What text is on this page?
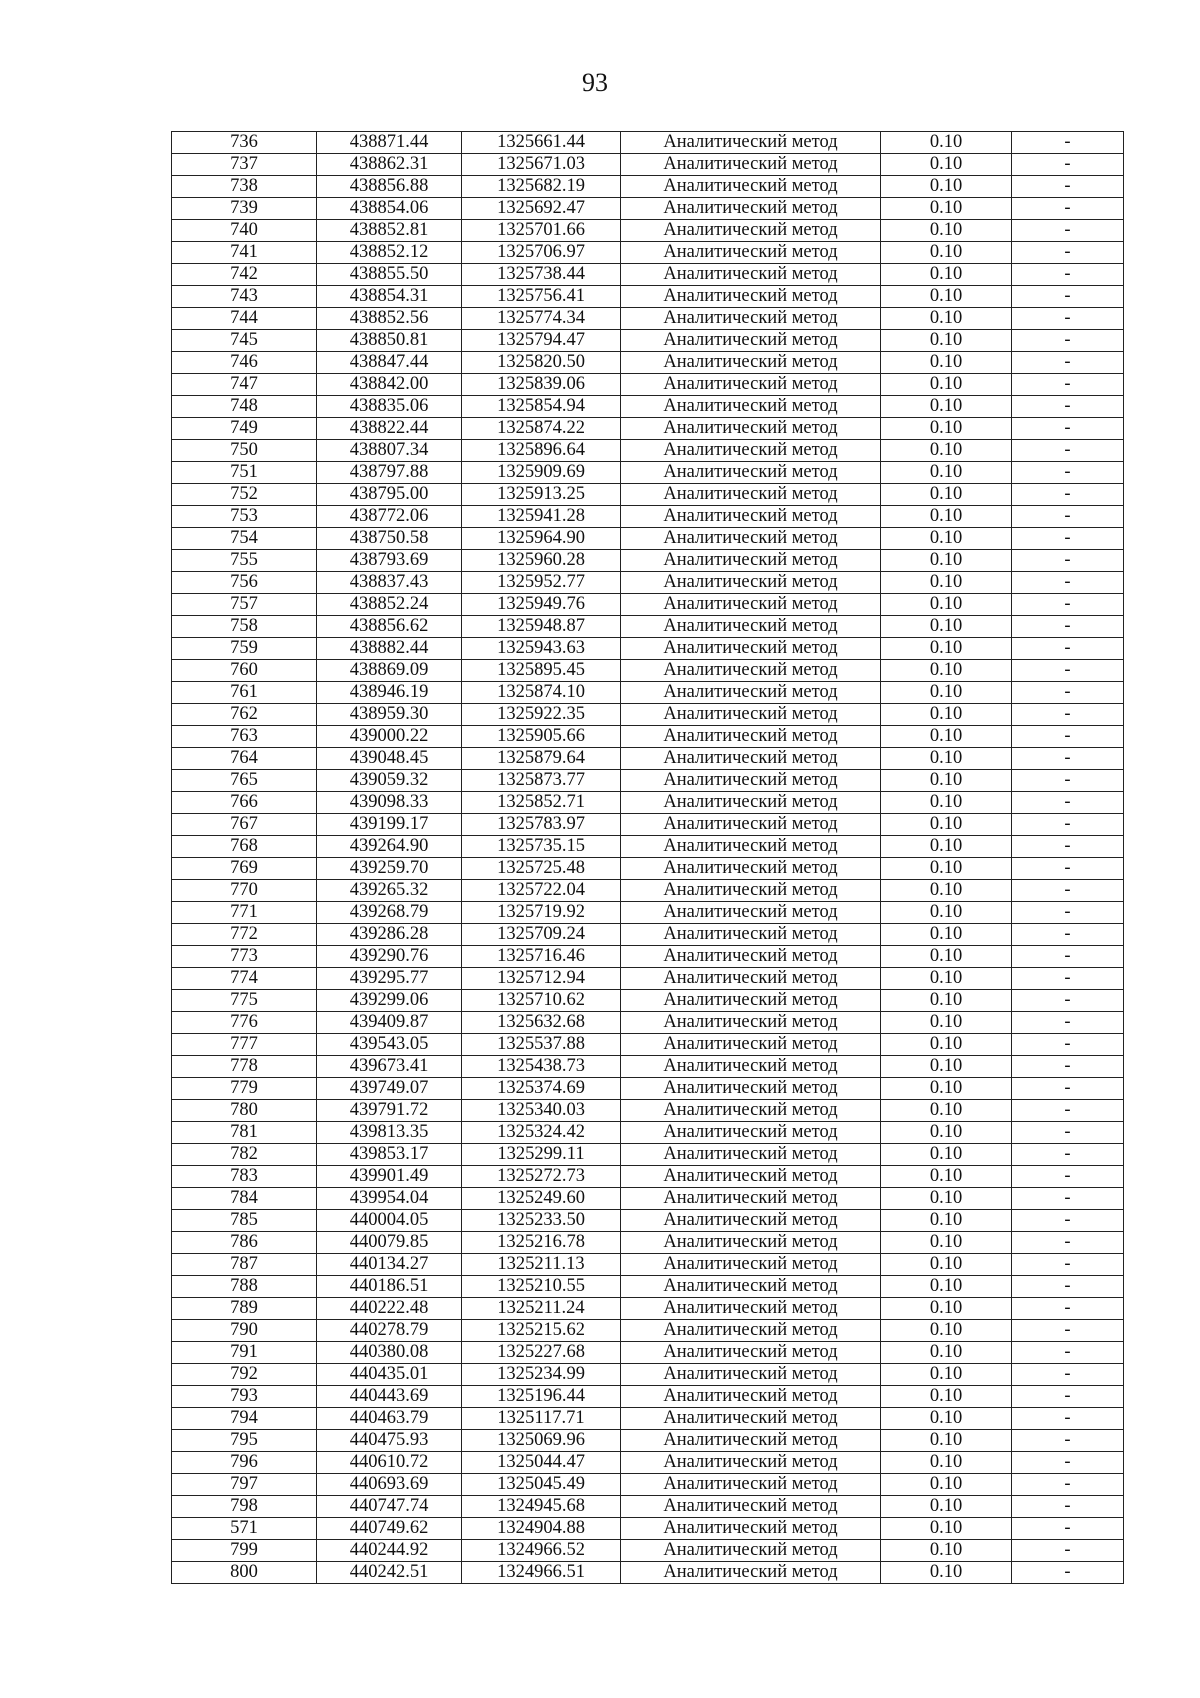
93
736	438871.44	1325661.44	Аналитический метод	0.10	-
737	438862.31	1325671.03	Аналитический метод	0.10	-
738	438856.88	1325682.19	Аналитический метод	0.10	-
739	438854.06	1325692.47	Аналитический метод	0.10	-
740	438852.81	1325701.66	Аналитический метод	0.10	-
741	438852.12	1325706.97	Аналитический метод	0.10	-
742	438855.50	1325738.44	Аналитический метод	0.10	-
743	438854.31	1325756.41	Аналитический метод	0.10	-
744	438852.56	1325774.34	Аналитический метод	0.10	-
745	438850.81	1325794.47	Аналитический метод	0.10	-
746	438847.44	1325820.50	Аналитический метод	0.10	-
747	438842.00	1325839.06	Аналитический метод	0.10	-
748	438835.06	1325854.94	Аналитический метод	0.10	-
749	438822.44	1325874.22	Аналитический метод	0.10	-
750	438807.34	1325896.64	Аналитический метод	0.10	-
751	438797.88	1325909.69	Аналитический метод	0.10	-
752	438795.00	1325913.25	Аналитический метод	0.10	-
753	438772.06	1325941.28	Аналитический метод	0.10	-
754	438750.58	1325964.90	Аналитический метод	0.10	-
755	438793.69	1325960.28	Аналитический метод	0.10	-
756	438837.43	1325952.77	Аналитический метод	0.10	-
757	438852.24	1325949.76	Аналитический метод	0.10	-
758	438856.62	1325948.87	Аналитический метод	0.10	-
759	438882.44	1325943.63	Аналитический метод	0.10	-
760	438869.09	1325895.45	Аналитический метод	0.10	-
761	438946.19	1325874.10	Аналитический метод	0.10	-
762	438959.30	1325922.35	Аналитический метод	0.10	-
763	439000.22	1325905.66	Аналитический метод	0.10	-
764	439048.45	1325879.64	Аналитический метод	0.10	-
765	439059.32	1325873.77	Аналитический метод	0.10	-
766	439098.33	1325852.71	Аналитический метод	0.10	-
767	439199.17	1325783.97	Аналитический метод	0.10	-
768	439264.90	1325735.15	Аналитический метод	0.10	-
769	439259.70	1325725.48	Аналитический метод	0.10	-
770	439265.32	1325722.04	Аналитический метод	0.10	-
771	439268.79	1325719.92	Аналитический метод	0.10	-
772	439286.28	1325709.24	Аналитический метод	0.10	-
773	439290.76	1325716.46	Аналитический метод	0.10	-
774	439295.77	1325712.94	Аналитический метод	0.10	-
775	439299.06	1325710.62	Аналитический метод	0.10	-
776	439409.87	1325632.68	Аналитический метод	0.10	-
777	439543.05	1325537.88	Аналитический метод	0.10	-
778	439673.41	1325438.73	Аналитический метод	0.10	-
779	439749.07	1325374.69	Аналитический метод	0.10	-
780	439791.72	1325340.03	Аналитический метод	0.10	-
781	439813.35	1325324.42	Аналитический метод	0.10	-
782	439853.17	1325299.11	Аналитический метод	0.10	-
783	439901.49	1325272.73	Аналитический метод	0.10	-
784	439954.04	1325249.60	Аналитический метод	0.10	-
785	440004.05	1325233.50	Аналитический метод	0.10	-
786	440079.85	1325216.78	Аналитический метод	0.10	-
787	440134.27	1325211.13	Аналитический метод	0.10	-
788	440186.51	1325210.55	Аналитический метод	0.10	-
789	440222.48	1325211.24	Аналитический метод	0.10	-
790	440278.79	1325215.62	Аналитический метод	0.10	-
791	440380.08	1325227.68	Аналитический метод	0.10	-
792	440435.01	1325234.99	Аналитический метод	0.10	-
793	440443.69	1325196.44	Аналитический метод	0.10	-
794	440463.79	1325117.71	Аналитический метод	0.10	-
795	440475.93	1325069.96	Аналитический метод	0.10	-
796	440610.72	1325044.47	Аналитический метод	0.10	-
797	440693.69	1325045.49	Аналитический метод	0.10	-
798	440747.74	1324945.68	Аналитический метод	0.10	-
571	440749.62	1324904.88	Аналитический метод	0.10	-
799	440244.92	1324966.52	Аналитический метод	0.10	-
800	440242.51	1324966.51	Аналитический метод	0.10	-
